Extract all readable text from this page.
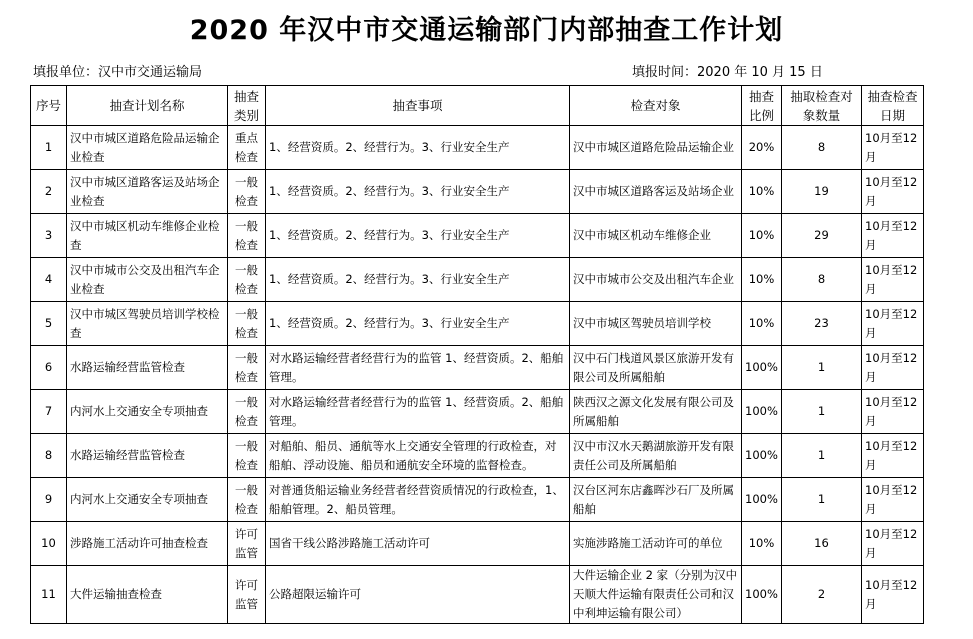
2020 年汉中市交通运输部门内部抽查工作计划
填报单位：汉中市交通运输局	填报时间：2020 年 10 月 15 日
序号	抽查计划名称	抽查类别	抽查事项	检查对象	抽查比例	抽取检查对象数量	抽查检查日期
1	汉中市城区道路危险品运输企业检查	重点检查	1、经营资质。2、经营行为。3、行业安全生产	汉中市城区道路危险品运输企业	20%	8	10月至12月
2	汉中市城区道路客运及站场企业检查	一般检查	1、经营资质。2、经营行为。3、行业安全生产	汉中市城区道路客运及站场企业	10%	19	10月至12月
3	汉中市城区机动车维修企业检查	一般检查	1、经营资质。2、经营行为。3、行业安全生产	汉中市城区机动车维修企业	10%	29	10月至12月
4	汉中市城市公交及出租汽车企业检查	一般检查	1、经营资质。2、经营行为。3、行业安全生产	汉中市城市公交及出租汽车企业	10%	8	10月至12月
5	汉中市城区驾驶员培训学校检查	一般检查	1、经营资质。2、经营行为。3、行业安全生产	汉中市城区驾驶员培训学校	10%	23	10月至12月
6	水路运输经营监管检查	一般检查	对水路运输经营者经营行为的监管 1、经营资质。2、船舶管理。	汉中石门栈道风景区旅游开发有限公司及所属船舶	100%	1	10月至12月
7	内河水上交通安全专项抽查	一般检查	对水路运输经营者经营行为的监管 1、经营资质。2、船舶管理。	陕西汉之源文化发展有限公司及所属船舶	100%	1	10月至12月
8	水路运输经营监管检查	一般检查	对船舶、船员、通航等水上交通安全管理的行政检查，对船舶、浮动设施、船员和通航安全环境的监督检查。	汉中市汉水天鹅湖旅游开发有限责任公司及所属船舶	100%	1	10月至12月
9	内河水上交通安全专项抽查	一般检查	对普通货船运输业务经营者经营资质情况的行政检查，1、船舶管理。2、船员管理。	汉台区河东店鑫晖沙石厂及所属船舶	100%	1	10月至12月
10	涉路施工活动许可抽查检查	许可监管	国省干线公路涉路施工活动许可	实施涉路施工活动许可的单位	10%	16	10月至12月
11	大件运输抽查检查	许可监管	公路超限运输许可	大件运输企业 2 家（分别为汉中天顺大件运输有限责任公司和汉中利坤运输有限公司）	100%	2	10月至12月
